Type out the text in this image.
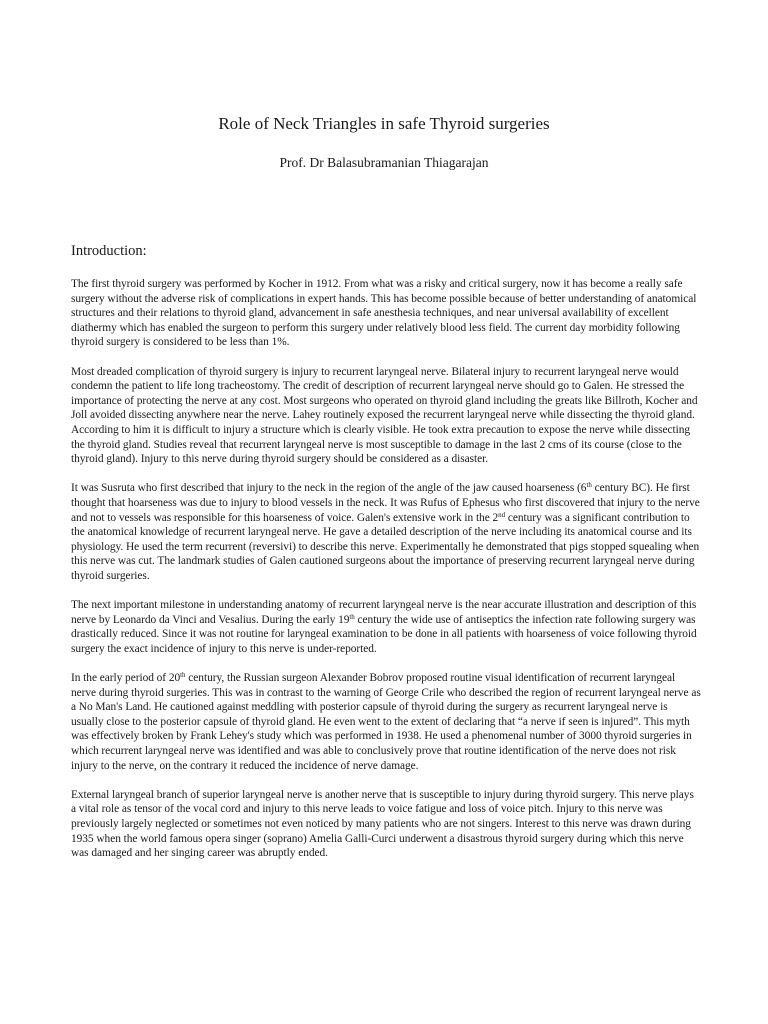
Role of Neck Triangles in safe Thyroid surgeries
Prof. Dr Balasubramanian Thiagarajan
Introduction:

The first thyroid surgery was performed by Kocher in 1912. From what was a risky and critical surgery, now it has become a really safe surgery without the adverse risk of complications in expert hands. This has become possible because of better understanding of anatomical structures and their relations to thyroid gland, advancement in safe anesthesia techniques, and near universal availability of excellent diathermy which has enabled the surgeon to perform this surgery under relatively blood less field. The current day morbidity following thyroid surgery is considered to be less than 1%.

Most dreaded complication of thyroid surgery is injury to recurrent laryngeal nerve. Bilateral injury to recurrent laryngeal nerve would condemn the patient to life long tracheostomy. The credit of description of recurrent laryngeal nerve should go to Galen. He stressed the importance of protecting the nerve at any cost. Most surgeons who operated on thyroid gland including the greats like Billroth, Kocher and Joll avoided dissecting anywhere near the nerve. Lahey routinely exposed the recurrent laryngeal nerve while dissecting the thyroid gland. According to him it is difficult to injury a structure which is clearly visible. He took extra precaution to expose the nerve while dissecting the thyroid gland. Studies reveal that recurrent laryngeal nerve is most susceptible to damage in the last 2 cms of its course (close to the thyroid gland). Injury to this nerve during thyroid surgery should be considered as a disaster.

It was Susruta who first described that injury to the neck in the region of the angle of the jaw caused hoarseness (6th century BC). He first thought that hoarseness was due to injury to blood vessels in the neck. It was Rufus of Ephesus who first discovered that injury to the nerve and not to vessels was responsible for this hoarseness of voice. Galen's extensive work in the 2nd century was a significant contribution to the anatomical knowledge of recurrent laryngeal nerve. He gave a detailed description of the nerve including its anatomical course and its physiology. He used the term recurrent (reversivi) to describe this nerve. Experimentally he demonstrated that pigs stopped squealing when this nerve was cut. The landmark studies of Galen cautioned surgeons about the importance of preserving recurrent laryngeal nerve during thyroid surgeries.

The next important milestone in understanding anatomy of recurrent laryngeal nerve is the near accurate illustration and description of this nerve by Leonardo da Vinci and Vesalius. During the early 19th century the wide use of antiseptics the infection rate following surgery was drastically reduced. Since it was not routine for laryngeal examination to be done in all patients with hoarseness of voice following thyroid surgery the exact incidence of injury to this nerve is under-reported.

In the early period of 20th century, the Russian surgeon Alexander Bobrov proposed routine visual identification of recurrent laryngeal nerve during thyroid surgeries. This was in contrast to the warning of George Crile who described the region of recurrent laryngeal nerve as a No Man's Land. He cautioned against meddling with posterior capsule of thyroid during the surgery as recurrent laryngeal nerve is usually close to the posterior capsule of thyroid gland. He even went to the extent of declaring that “a nerve if seen is injured”. This myth was effectively broken by Frank Lehey's study which was performed in 1938. He used a phenomenal number of 3000 thyroid surgeries in which recurrent laryngeal nerve was identified and was able to conclusively prove that routine identification of the nerve does not risk injury to the nerve, on the contrary it reduced the incidence of nerve damage.

External laryngeal branch of superior laryngeal nerve is another nerve that is susceptible to injury during thyroid surgery. This nerve plays a vital role as tensor of the vocal cord and injury to this nerve leads to voice fatigue and loss of voice pitch. Injury to this nerve was previously largely neglected or sometimes not even noticed by many patients who are not singers. Interest to this nerve was drawn during 1935 when the world famous opera singer (soprano) Amelia Galli-Curci underwent a disastrous thyroid surgery during which this nerve was damaged and her singing career was abruptly ended.
